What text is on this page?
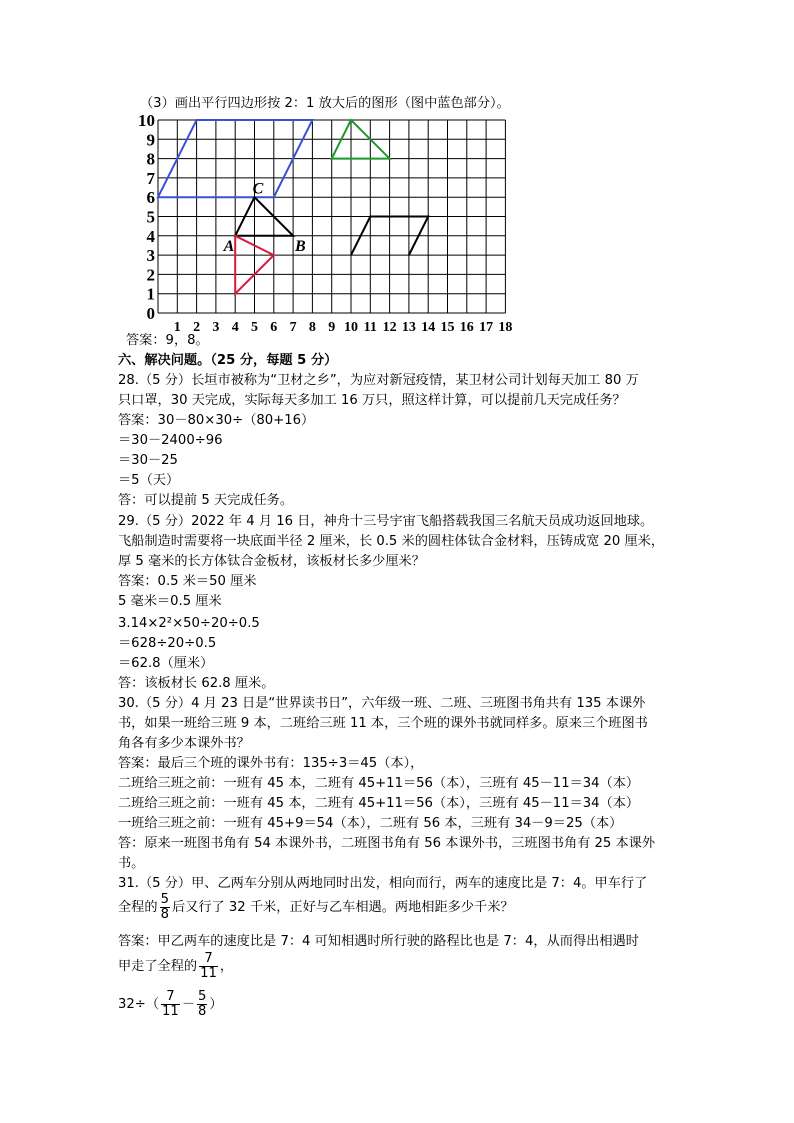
（3）画出平行四边形按 2：1 放大后的图形（图中蓝色部分）。
0
1
2
3
4
5
6
7
8
9
10
1 2 3 4 5 6 7 8 9 10 11 12 13 14 15 16 17 18
A	B
C
答案：9，8。
六、解决问题。（25 分，每题 5 分）
28.（5 分）长垣市被称为“卫材之乡”，为应对新冠疫情，某卫材公司计划每天加工 80 万
只口罩，30 天完成，实际每天多加工 16 万只，照这样计算，可以提前几天完成任务？
答案：30－80×30÷（80+16）
＝30－2400÷96
＝30－25
＝5（天）
答：可以提前 5 天完成任务。
29.（5 分）2022 年 4 月 16 日，神舟十三号宇宙飞船搭载我国三名航天员成功返回地球。
飞船制造时需要将一块底面半径 2 厘米，长 0.5 米的圆柱体钛合金材料，压铸成宽 20 厘米，
厚 5 毫米的长方体钛合金板材，该板材长多少厘米？
答案：0.5 米＝50 厘米
5 毫米＝0.5 厘米
3.14×2²×50÷20÷0.5
＝628÷20÷0.5
＝62.8（厘米）
答：该板材长 62.8 厘米。
30.（5 分）4 月 23 日是“世界读书日”，六年级一班、二班、三班图书角共有 135 本课外
书，如果一班给三班 9 本，二班给三班 11 本，三个班的课外书就同样多。原来三个班图书
角各有多少本课外书？
答案：最后三个班的课外书有：135÷3＝45（本），
二班给三班之前：一班有 45 本，二班有 45+11＝56（本），三班有 45－11＝34（本）
二班给三班之前：一班有 45 本，二班有 45+11＝56（本），三班有 45－11＝34（本）
一班给三班之前：一班有 45+9＝54（本），二班有 56 本，三班有 34－9＝25（本）
答：原来一班图书角有 54 本课外书，二班图书角有 56 本课外书，三班图书角有 25 本课外
书。
31.（5 分）甲、乙两车分别从两地同时出发，相向而行，两车的速度比是 7：4。甲车行了
全程的 $\frac{5}{8}$ 后又行了 32 千米，正好与乙车相遇。两地相距多少千米？
答案：甲乙两车的速度比是 7：4 可知相遇时所行驶的路程比也是 7：4，从而得出相遇时
甲走了全程的 $\frac{7}{11}$ ，
$32\div( \frac{7}{11} - \frac{5}{8}$ ）
